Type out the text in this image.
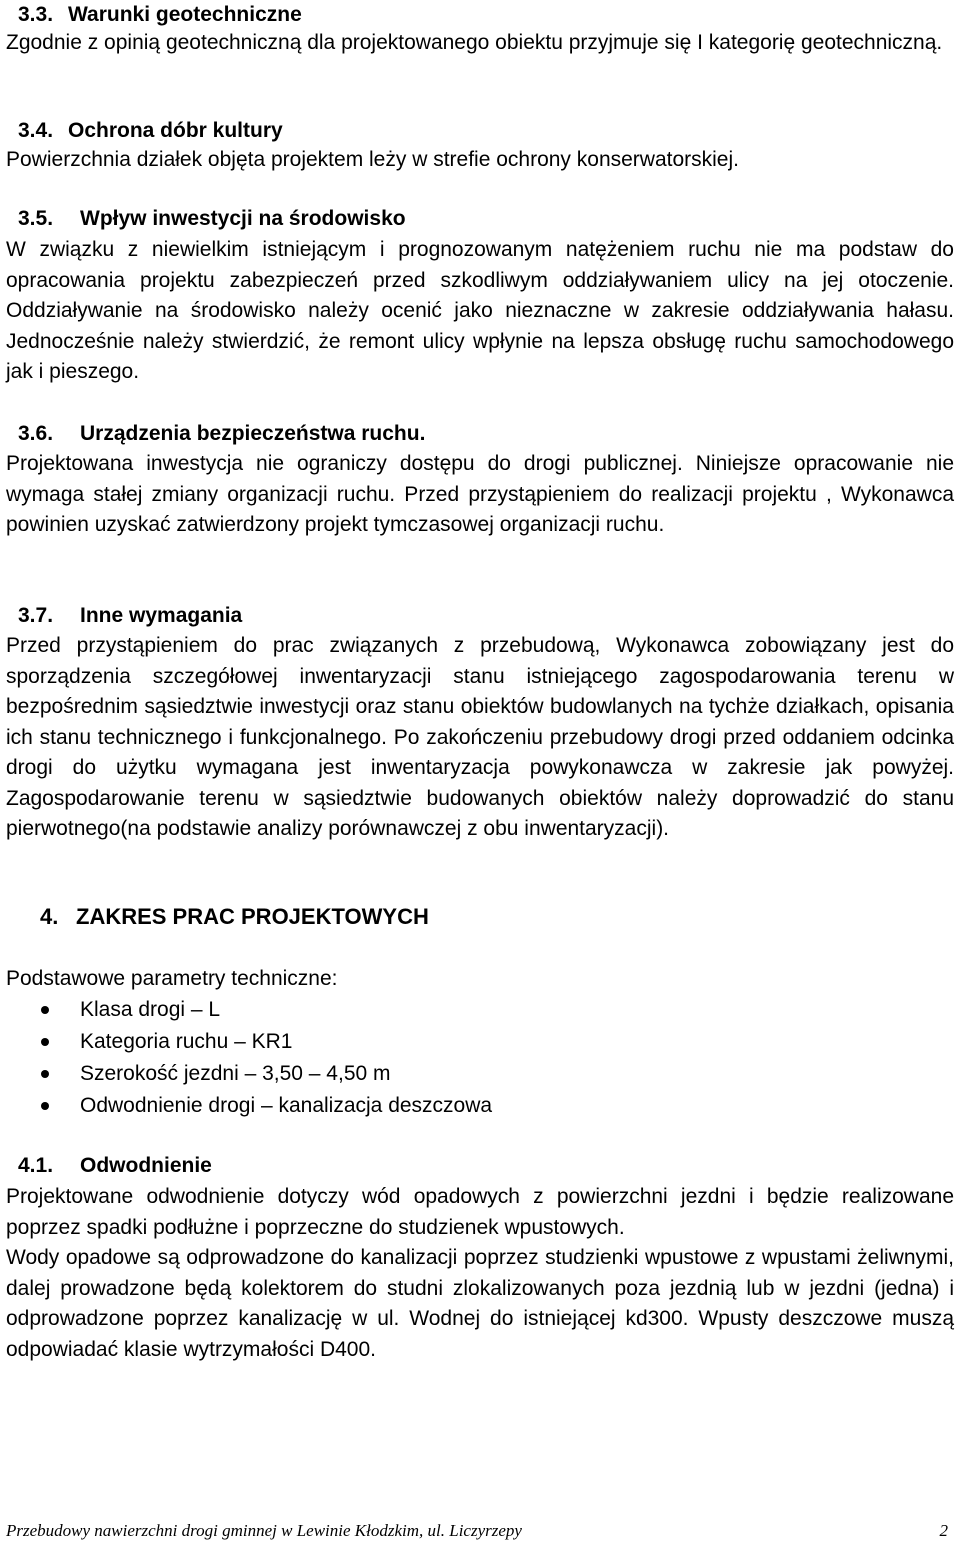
3.3. Warunki geotechniczne

Zgodnie z opinią geotechniczną dla projektowanego obiektu przyjmuje się I kategorię geotechniczną.

3.4. Ochrona dóbr kultury

Powierzchnia działek objęta projektem leży w strefie ochrony konserwatorskiej.

3.5. Wpływ inwestycji na środowisko

W związku z niewielkim istniejącym i prognozowanym natężeniem ruchu nie ma podstaw do opracowania projektu zabezpieczeń przed szkodliwym oddziaływaniem ulicy na jej otoczenie. Oddziaływanie na środowisko należy ocenić jako nieznaczne w zakresie oddziaływania hałasu. Jednocześnie należy stwierdzić, że remont ulicy wpłynie na lepsza obsługę ruchu samochodowego jak i pieszego.

3.6. Urządzenia bezpieczeństwa ruchu.

Projektowana inwestycja nie ograniczy dostępu do drogi publicznej. Niniejsze opracowanie nie wymaga stałej zmiany organizacji ruchu. Przed przystąpieniem do realizacji projektu , Wykonawca powinien uzyskać zatwierdzony projekt tymczasowej organizacji ruchu.

3.7. Inne wymagania

Przed przystąpieniem do prac związanych z przebudową, Wykonawca zobowiązany jest do sporządzenia szczegółowej inwentaryzacji stanu istniejącego zagospodarowania terenu w bezpośrednim sąsiedztwie inwestycji oraz stanu obiektów budowlanych na tychże działkach, opisania ich stanu technicznego i funkcjonalnego. Po zakończeniu przebudowy drogi przed oddaniem odcinka drogi do użytku wymagana jest inwentaryzacja powykonawcza w zakresie jak powyżej. Zagospodarowanie terenu w sąsiedztwie budowanych obiektów należy doprowadzić do stanu pierwotnego(na podstawie analizy porównawczej z obu inwentaryzacji).

4. ZAKRES PRAC PROJEKTOWYCH

Podstawowe parametry techniczne:

Klasa drogi – L
Kategoria ruchu – KR1
Szerokość jezdni – 3,50 – 4,50 m
Odwodnienie drogi – kanalizacja deszczowa
4.1. Odwodnienie

Projektowane odwodnienie dotyczy wód opadowych z powierzchni jezdni i będzie realizowane poprzez spadki podłużne i poprzeczne do studzienek wpustowych.

Wody opadowe są odprowadzone do kanalizacji poprzez studzienki wpustowe z wpustami żeliwnymi, dalej prowadzone będą kolektorem do studni zlokalizowanych poza jezdnią lub w jezdni (jedna) i odprowadzone poprzez kanalizację w ul. Wodnej do istniejącej kd300. Wpusty deszczowe muszą odpowiadać klasie wytrzymałości D400.

Przebudowy nawierzchni drogi gminnej w Lewinie Kłodzkim, ul. Liczyrzepy	2
